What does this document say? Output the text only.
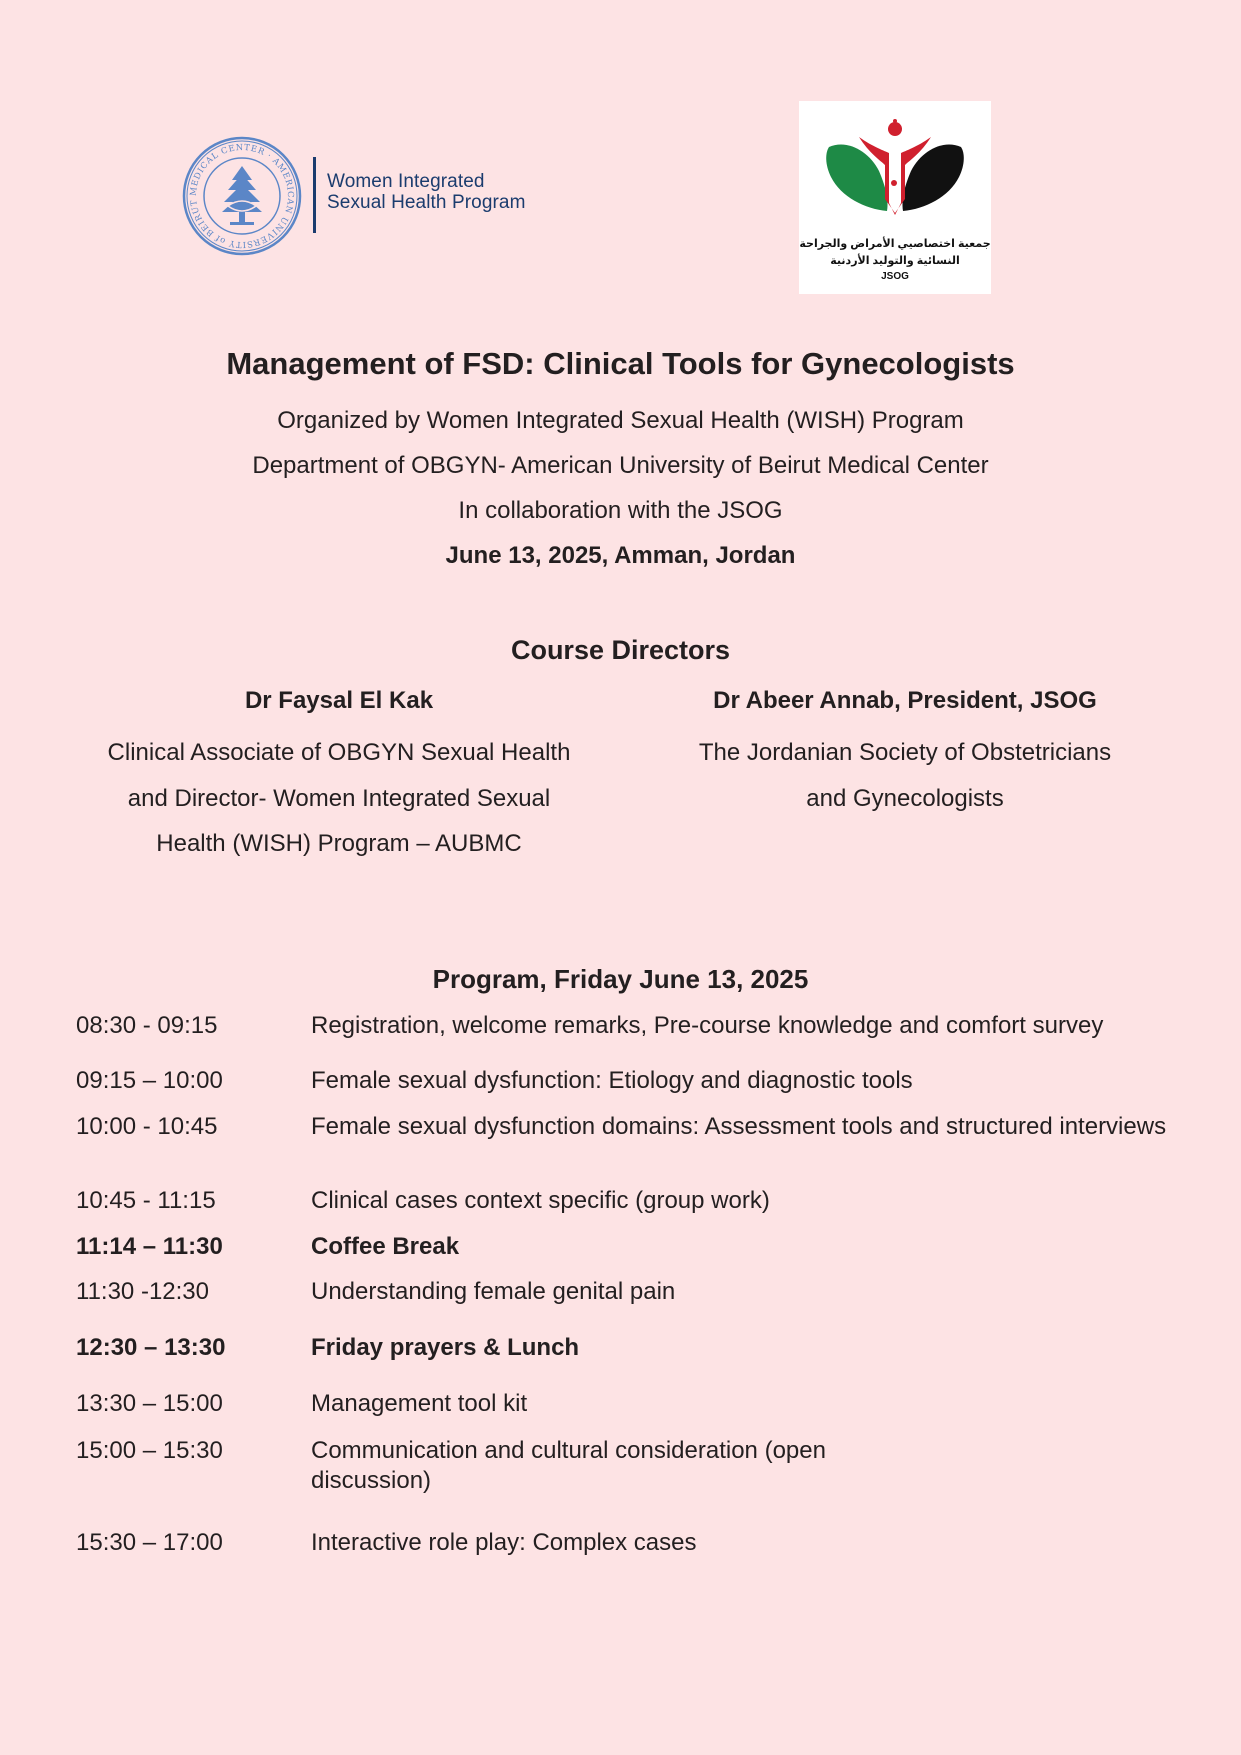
MEDICAL CENTER · AMERICAN UNIVERSITY of BEIRUT
Women Integrated
Sexual Health Program
جمعية اختصاصيي الأمراض والجراحة
النسائية والتوليد الأردنية
JSOG
Management of FSD: Clinical Tools for Gynecologists
Organized by Women Integrated Sexual Health (WISH) Program
Department of OBGYN- American University of Beirut Medical Center
In collaboration with the JSOG
June 13, 2025, Amman, Jordan
Course Directors
Dr Faysal El Kak
Clinical Associate of OBGYN Sexual Health
and Director- Women Integrated Sexual
Health (WISH) Program – AUBMC
Dr Abeer Annab, President, JSOG
The Jordanian Society of Obstetricians
and Gynecologists
Program, Friday June 13, 2025
08:30 - 09:15	Registration, welcome remarks, Pre-course knowledge and comfort survey
09:15 – 10:00	Female sexual dysfunction: Etiology and diagnostic tools
10:00 - 10:45	Female sexual dysfunction domains: Assessment tools and structured interviews
10:45 - 11:15	Clinical cases context specific (group work)
11:14 – 11:30	Coffee Break
11:30 -12:30	Understanding female genital pain
12:30 – 13:30	Friday prayers & Lunch
13:30 – 15:00	Management tool kit
15:00 – 15:30	Communication and cultural consideration (open discussion)
15:30 – 17:00	Interactive role play: Complex cases
